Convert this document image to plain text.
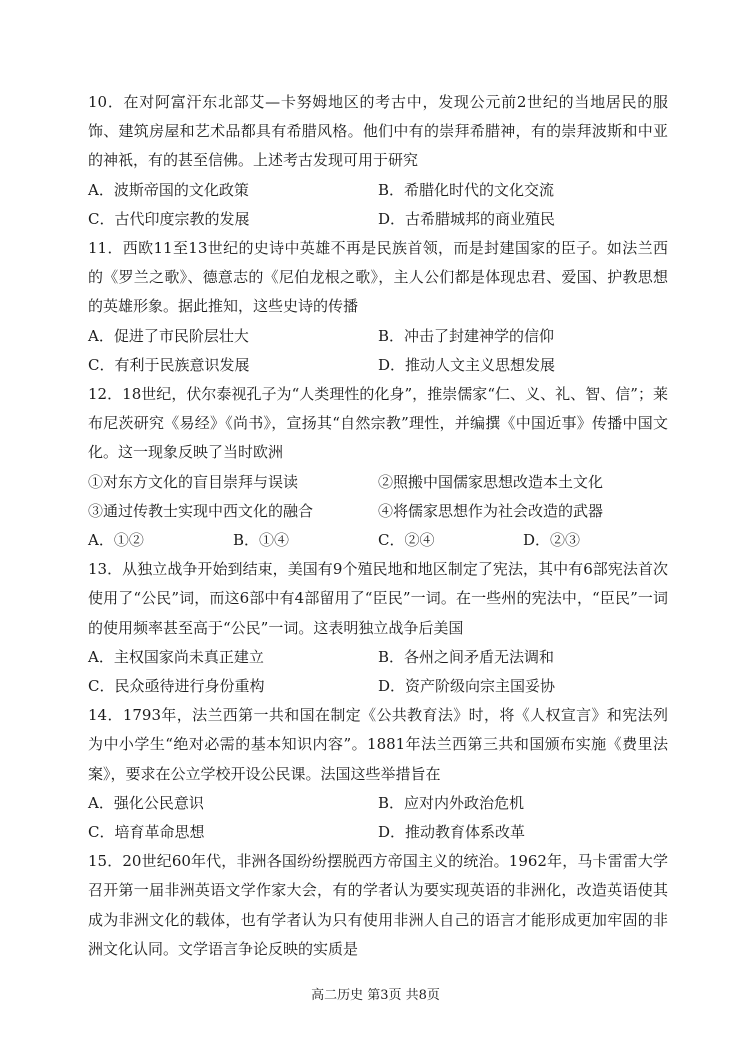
10．在对阿富汗东北部艾—卡努姆地区的考古中，发现公元前2世纪的当地居民的服饰、建筑房屋和艺术品都具有希腊风格。他们中有的崇拜希腊神，有的崇拜波斯和中亚的神祇，有的甚至信佛。上述考古发现可用于研究

A．波斯帝国的文化政策	B．希腊化时代的文化交流
C．古代印度宗教的发展	D．古希腊城邦的商业殖民

11．西欧11至13世纪的史诗中英雄不再是民族首领，而是封建国家的臣子。如法兰西的《罗兰之歌》、德意志的《尼伯龙根之歌》，主人公们都是体现忠君、爱国、护教思想的英雄形象。据此推知，这些史诗的传播

A．促进了市民阶层壮大	B．冲击了封建神学的信仰
C．有利于民族意识发展	D．推动人文主义思想发展

12．18世纪，伏尔泰视孔子为“人类理性的化身”，推崇儒家“仁、义、礼、智、信”；莱布尼茨研究《易经》《尚书》，宣扬其“自然宗教”理性，并编撰《中国近事》传播中国文化。这一现象反映了当时欧洲

①对东方文化的盲目崇拜与误读	②照搬中国儒家思想改造本土文化
③通过传教士实现中西文化的融合	④将儒家思想作为社会改造的武器
A．①②	B．①④	C．②④	D．②③

13．从独立战争开始到结束，美国有9个殖民地和地区制定了宪法，其中有6部宪法首次使用了“公民”词，而这6部中有4部留用了“臣民”一词。在一些州的宪法中，“臣民”一词的使用频率甚至高于“公民”一词。这表明独立战争后美国

A．主权国家尚未真正建立	B．各州之间矛盾无法调和
C．民众亟待进行身份重构	D．资产阶级向宗主国妥协

14．1793年，法兰西第一共和国在制定《公共教育法》时，将《人权宣言》和宪法列为中小学生“绝对必需的基本知识内容”。1881年法兰西第三共和国颁布实施《费里法案》，要求在公立学校开设公民课。法国这些举措旨在

A．强化公民意识	B．应对内外政治危机
C．培育革命思想	D．推动教育体系改革

15．20世纪60年代，非洲各国纷纷摆脱西方帝国主义的统治。1962年，马卡雷雷大学召开第一届非洲英语文学作家大会，有的学者认为要实现英语的非洲化，改造英语使其成为非洲文化的载体，也有学者认为只有使用非洲人自己的语言才能形成更加牢固的非洲文化认同。文学语言争论反映的实质是

高二历史 第3页 共8页
